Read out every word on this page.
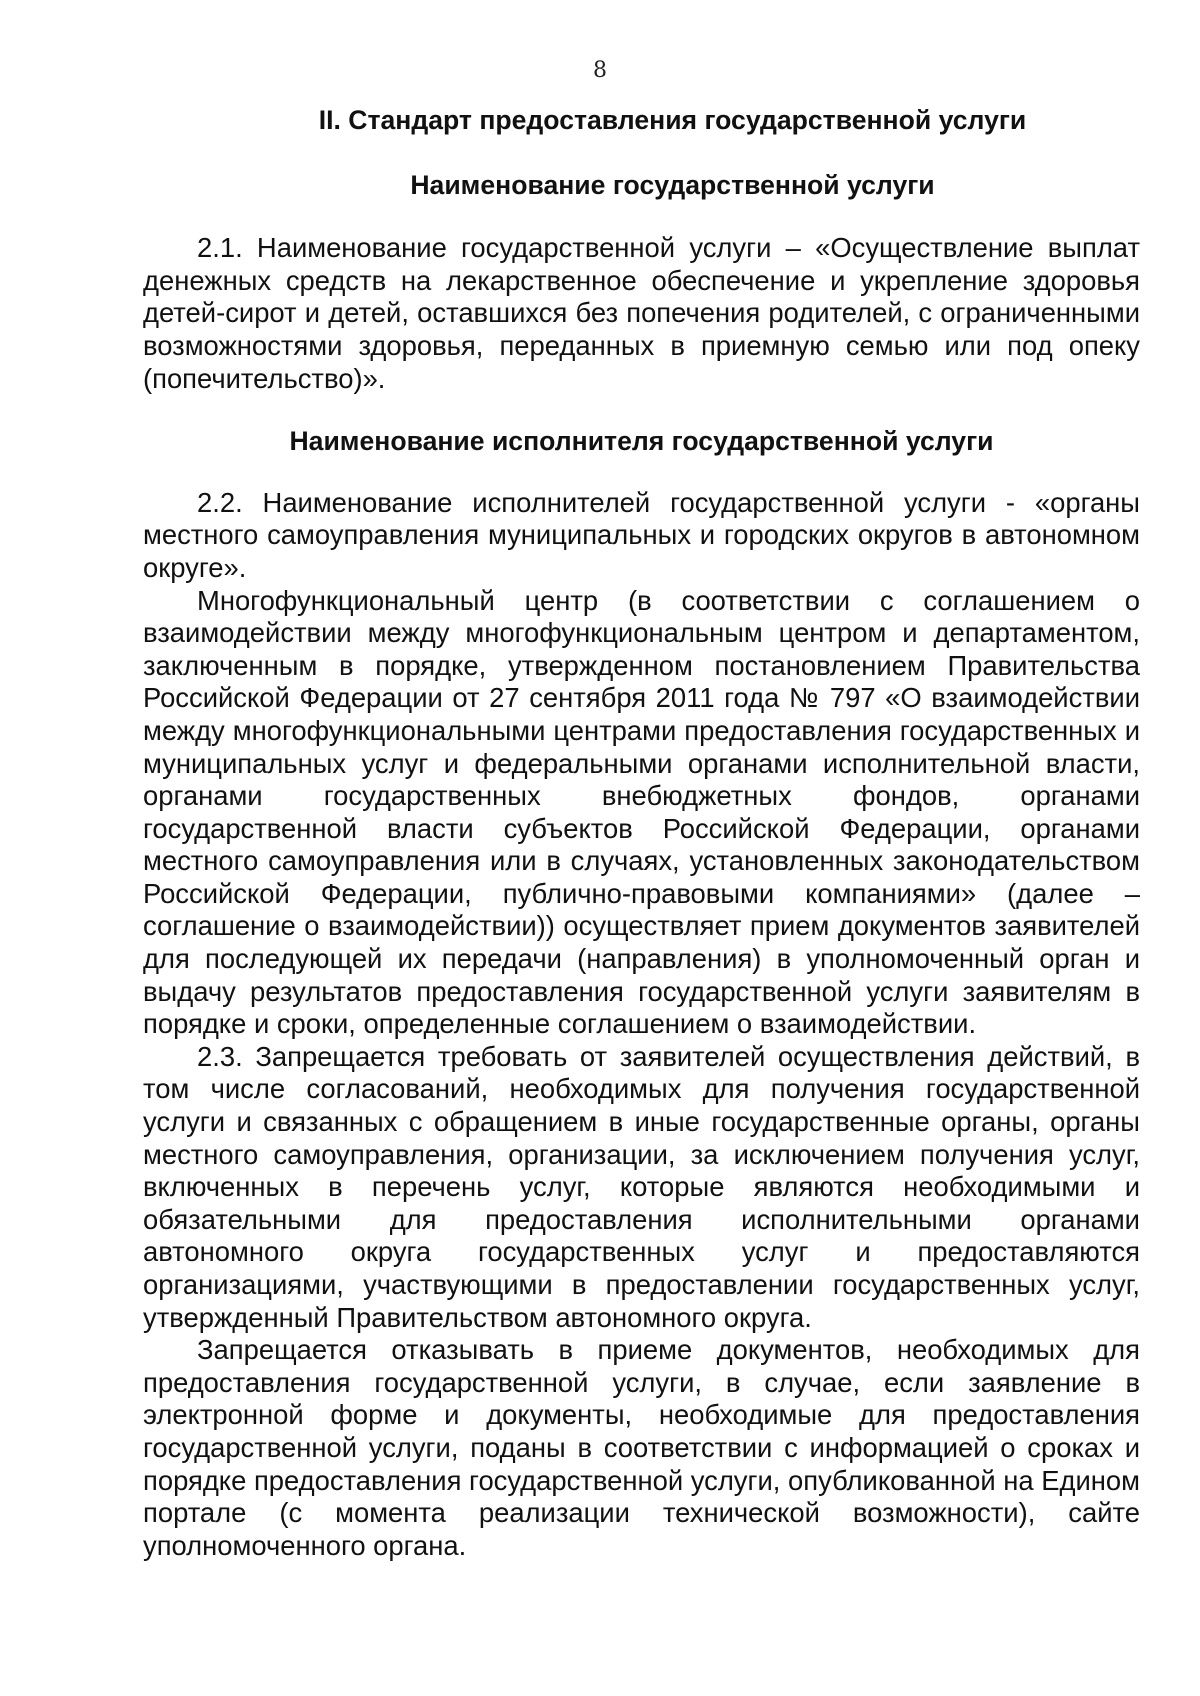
8
II. Стандарт предоставления государственной услуги
Наименование государственной услуги

2.1. Наименование государственной услуги – «Осуществление выплат денежных средств на лекарственное обеспечение и укрепление здоровья детей-сирот и детей, оставшихся без попечения родителей, с ограниченными возможностями здоровья, переданных в приемную семью или под опеку (попечительство)».

Наименование исполнителя государственной услуги

2.2. Наименование исполнителей государственной услуги - «органы местного самоуправления муниципальных и городских округов в автономном округе».

Многофункциональный центр (в соответствии с соглашением о взаимодействии между многофункциональным центром и департаментом, заключенным в порядке, утвержденном постановлением Правительства Российской Федерации от 27 сентября 2011 года № 797 «О взаимодействии между многофункциональными центрами предоставления государственных и муниципальных услуг и федеральными органами исполнительной власти, органами государственных внебюджетных фондов, органами государственной власти субъектов Российской Федерации, органами местного самоуправления или в случаях, установленных законодательством Российской Федерации, публично-правовыми компаниями» (далее – соглашение о взаимодействии)) осуществляет прием документов заявителей для последующей их передачи (направления) в уполномоченный орган и выдачу результатов предоставления государственной услуги заявителям в порядке и сроки, определенные соглашением о взаимодействии.

2.3. Запрещается требовать от заявителей осуществления действий, в том числе согласований, необходимых для получения государственной услуги и связанных с обращением в иные государственные органы, органы местного самоуправления, организации, за исключением получения услуг, включенных в перечень услуг, которые являются необходимыми и обязательными для предоставления исполнительными органами автономного округа государственных услуг и предоставляются организациями, участвующими в предоставлении государственных услуг, утвержденный Правительством автономного округа.

Запрещается отказывать в приеме документов, необходимых для предоставления государственной услуги, в случае, если заявление в электронной форме и документы, необходимые для предоставления государственной услуги, поданы в соответствии с информацией о сроках и порядке предоставления государственной услуги, опубликованной на Едином портале (с момента реализации технической возможности), сайте уполномоченного органа.
